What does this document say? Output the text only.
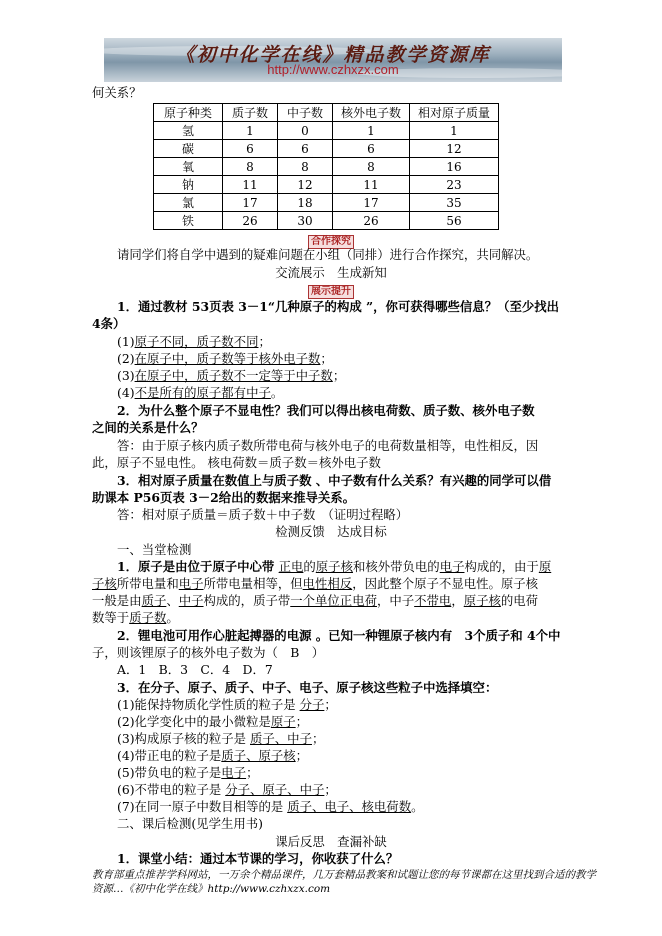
《初中化学在线》精品教学资源库
http://www.czhxzx.com
何关系？
原子种类	质子数	中子数	核外电子数	相对原子质量
氢	1	0	1	1
碳	6	6	6	12
氧	8	8	8	16
钠	11	12	11	23
氯	17	18	17	35
铁	26	30	26	56
合作探究
请同学们将自学中遇到的疑难问题在小组（同排）进行合作探究，共同解决。
交流展示　生成新知
展示提升
1．通过教材 53页表 3－1“几种原子的构成 ”，你可获得哪些信息？（至少找出
4条）
(1)原子不同，质子数不同；
(2)在原子中，质子数等于核外电子数；
(3)在原子中，质子数不一定等于中子数；
(4)不是所有的原子都有中子。
2．为什么整个原子不显电性？我们可以得出核电荷数、质子数、核外电子数
之间的关系是什么？
答：由于原子核内质子数所带电荷与核外电子的电荷数量相等，电性相反，因
此，原子不显电性。 核电荷数＝质子数＝核外电子数
3．相对原子质量在数值上与质子数 、中子数有什么关系？有兴趣的同学可以借
助课本 P56页表 3－2给出的数据来推导关系。
答：相对原子质量＝质子数＋中子数　（证明过程略）
检测反馈　达成目标
一、当堂检测
1．原子是由位于原子中心带 正电的原子核和核外带负电的电子构成的，由于原
子核所带电量和电子所带电量相等，但电性相反，因此整个原子不显电性。原子核
一般是由质子、中子构成的，质子带一个单位正电荷，中子不带电，原子核的电荷
数等于质子数。
2．锂电池可用作心脏起搏器的电源 。已知一种锂原子核内有　3个质子和 4个中
子，则该锂原子的核外电子数为（　B　）
A．1　B．3　C．4　D．7
3．在分子、原子、质子、中子、电子、原子核这些粒子中选择填空：
(1)能保持物质化学性质的粒子是 分子；
(2)化学变化中的最小微粒是原子；
(3)构成原子核的粒子是 质子、中子；
(4)带正电的粒子是质子、原子核；
(5)带负电的粒子是电子；
(6)不带电的粒子是 分子、原子、中子；
(7)在同一原子中数目相等的是 质子、电子、核电荷数。
二、课后检测(见学生用书)
课后反思　查漏补缺
1．课堂小结：通过本节课的学习，你收获了什么？
教育部重点推荐学科网站，一万余个精品课件，几万套精品教案和试题让您的每节课都在这里找到合适的教学
资源…《初中化学在线》http://www.czhxzx.com
